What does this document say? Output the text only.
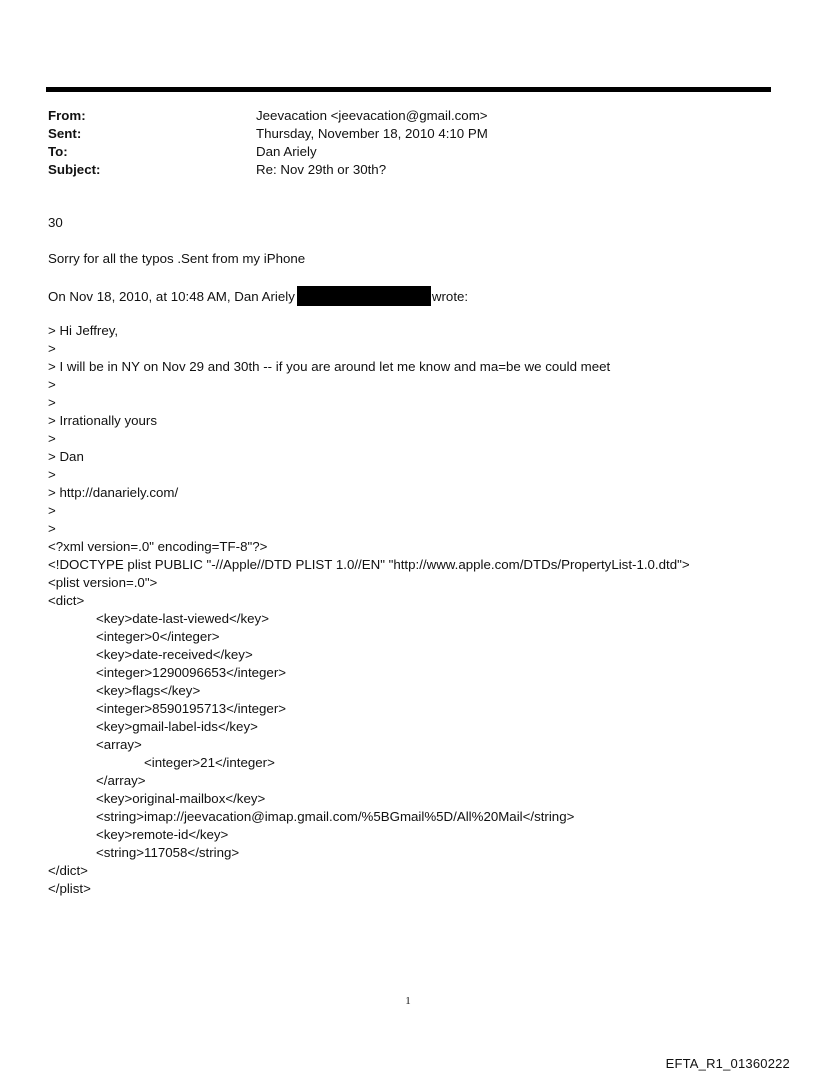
From:	Jeevacation <jeevacation@gmail.com>
Sent:	Thursday, November 18, 2010 4:10 PM
To:	Dan Ariely
Subject:	Re: Nov 29th or 30th?
30
Sorry for all the typos .Sent from my iPhone
On Nov 18, 2010, at 10:48 AM, Dan Ariely	wrote:
> Hi Jeffrey,
>
> I will be in NY on Nov 29 and 30th -- if you are around let me know and ma=be we could meet
>
>
> Irrationally yours
>
> Dan
>
> http://danariely.com/
>
>
<?xml version=.0" encoding=TF-8"?>
<!DOCTYPE plist PUBLIC "-//Apple//DTD PLIST 1.0//EN" "http://www.apple.com/DTDs/PropertyList-1.0.dtd">
<plist version=.0">
<dict>
<key>date-last-viewed</key>
<integer>0</integer>
<key>date-received</key>
<integer>1290096653</integer>
<key>flags</key>
<integer>8590195713</integer>
<key>gmail-label-ids</key>
<array>
<integer>21</integer>
</array>
<key>original-mailbox</key>
<string>imap://jeevacation@imap.gmail.com/%5BGmail%5D/All%20Mail</string>
<key>remote-id</key>
<string>117058</string>
</dict>
</plist>
1
EFTA_R1_01360222
